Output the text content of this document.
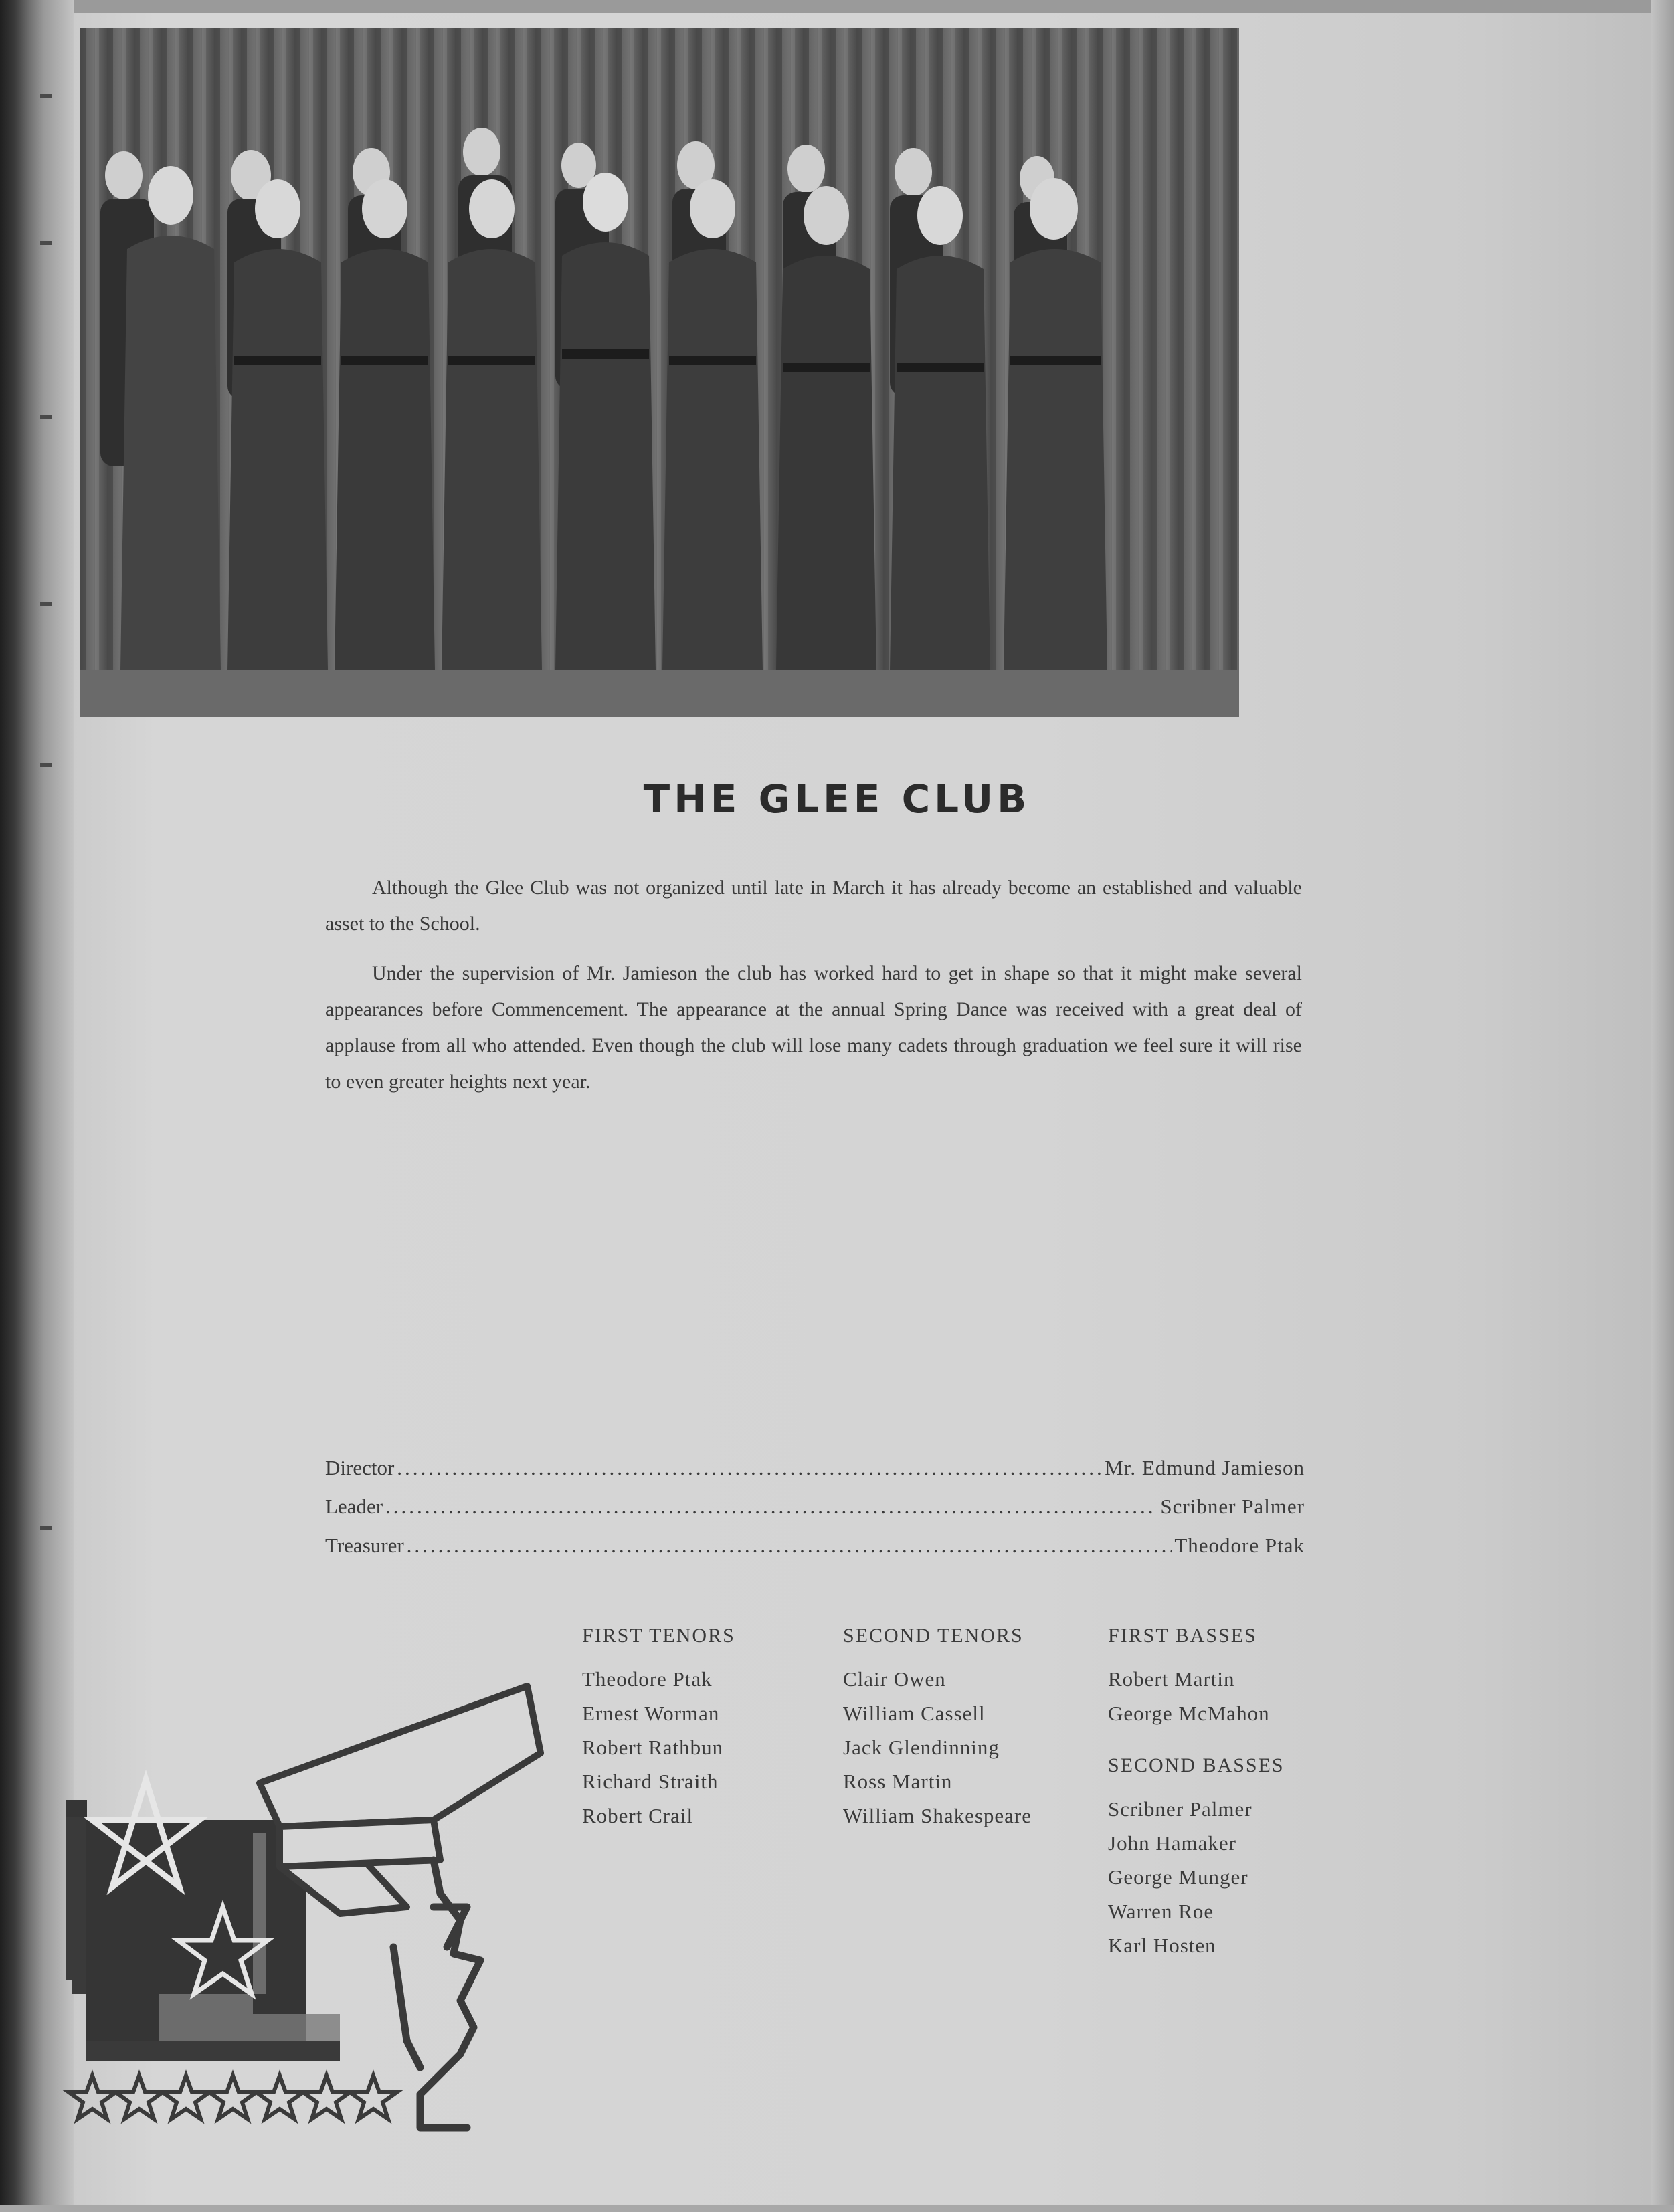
THE GLEE CLUB

Although the Glee Club was not organized until late in March it has already become an established and valuable asset to the School.

Under the supervision of Mr. Jamieson the club has worked hard to get in shape so that it might make several appearances before Commencement. The appearance at the annual Spring Dance was received with a great deal of applause from all who attended. Even though the club will lose many cadets through graduation we feel sure it will rise to even greater heights next year.

Director .....	Mr. Edmund Jamieson
Leader .....	Scribner Palmer
Treasurer .....	Theodore Ptak
FIRST TENORS
Theodore Ptak
Ernest Worman
Robert Rathbun
Richard Straith
Robert Crail
SECOND TENORS
Clair Owen
William Cassell
Jack Glendinning
Ross Martin
William Shakespeare
FIRST BASSES
Robert Martin
George McMahon
SECOND BASSES
Scribner Palmer
John Hamaker
George Munger
Warren Roe
Karl Hosten
